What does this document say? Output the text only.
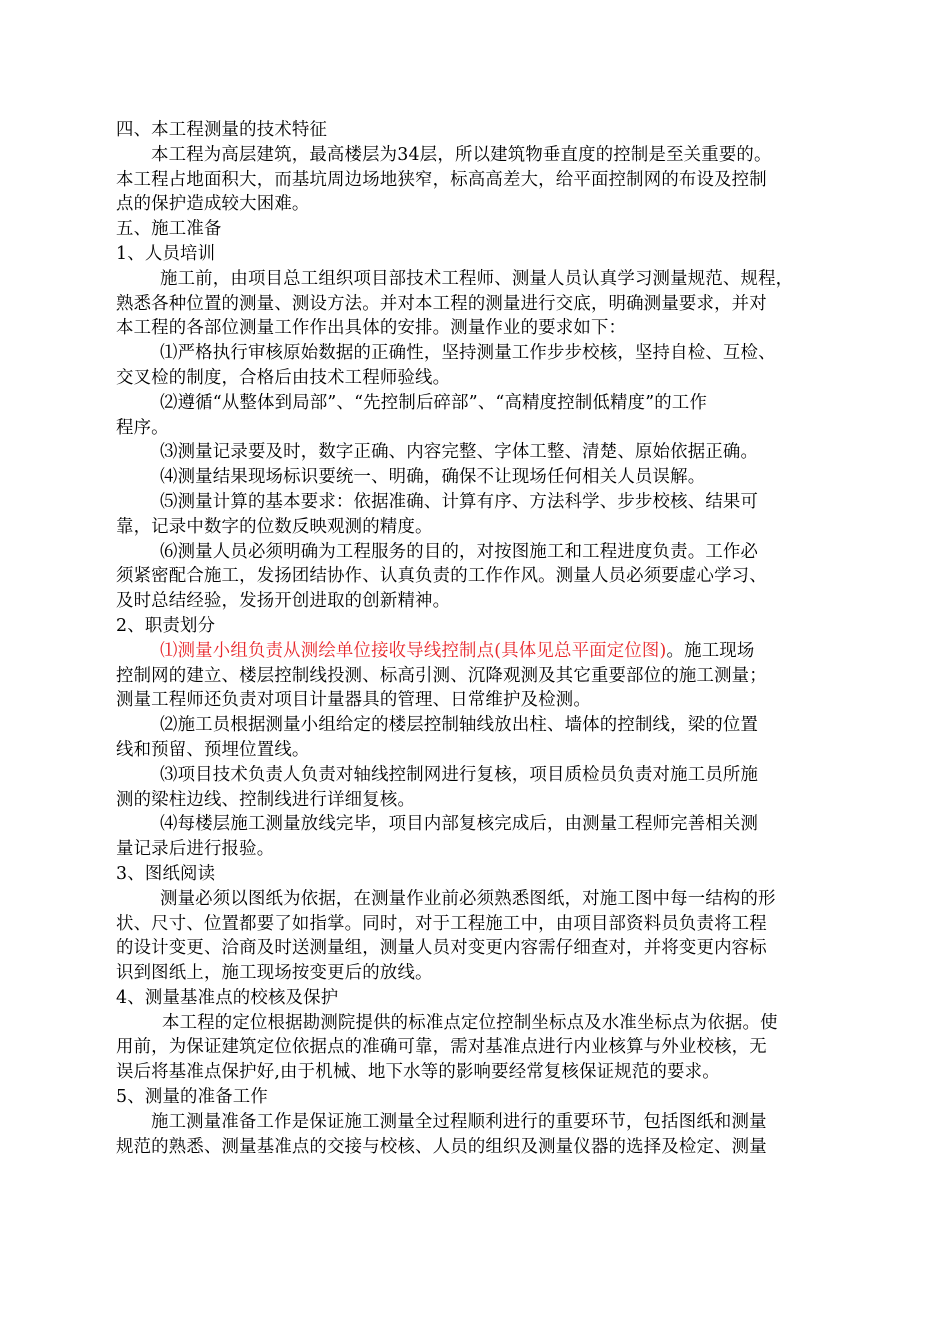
四、本工程测量的技术特征
本工程为高层建筑，最高楼层为34层，所以建筑物垂直度的控制是至关重要的。
本工程占地面积大，而基坑周边场地狭窄，标高高差大，给平面控制网的布设及控制
点的保护造成较大困难。
五、施工准备
1、人员培训
施工前，由项目总工组织项目部技术工程师、测量人员认真学习测量规范、规程，
熟悉各种位置的测量、测设方法。并对本工程的测量进行交底，明确测量要求，并对
本工程的各部位测量工作作出具体的安排。测量作业的要求如下：
⑴严格执行审核原始数据的正确性，坚持测量工作步步校核，坚持自检、互检、
交叉检的制度，合格后由技术工程师验线。
⑵遵循“从整体到局部”、“先控制后碎部”、“高精度控制低精度”的工作
程序。
⑶测量记录要及时，数字正确、内容完整、字体工整、清楚、原始依据正确。
⑷测量结果现场标识要统一、明确，确保不让现场任何相关人员误解。
⑸测量计算的基本要求：依据准确、计算有序、方法科学、步步校核、结果可
靠，记录中数字的位数反映观测的精度。
⑹测量人员必须明确为工程服务的目的，对按图施工和工程进度负责。工作必
须紧密配合施工，发扬团结协作、认真负责的工作作风。测量人员必须要虚心学习、
及时总结经验，发扬开创进取的创新精神。
2、职责划分
⑴测量小组负责从测绘单位接收导线控制点(具体见总平面定位图)。施工现场
控制网的建立、楼层控制线投测、标高引测、沉降观测及其它重要部位的施工测量；
测量工程师还负责对项目计量器具的管理、日常维护及检测。
⑵施工员根据测量小组给定的楼层控制轴线放出柱、墙体的控制线，梁的位置
线和预留、预埋位置线。
⑶项目技术负责人负责对轴线控制网进行复核，项目质检员负责对施工员所施
测的梁柱边线、控制线进行详细复核。
⑷每楼层施工测量放线完毕，项目内部复核完成后，由测量工程师完善相关测
量记录后进行报验。
3、图纸阅读
测量必须以图纸为依据，在测量作业前必须熟悉图纸，对施工图中每一结构的形
状、尺寸、位置都要了如指掌。同时，对于工程施工中，由项目部资料员负责将工程
的设计变更、洽商及时送测量组，测量人员对变更内容需仔细查对，并将变更内容标
识到图纸上，施工现场按变更后的放线。
4、测量基准点的校核及保护
本工程的定位根据勘测院提供的标准点定位控制坐标点及水准坐标点为依据。使
用前，为保证建筑定位依据点的准确可靠，需对基准点进行内业核算与外业校核，无
误后将基准点保护好,由于机械、地下水等的影响要经常复核保证规范的要求。
5、测量的准备工作
施工测量准备工作是保证施工测量全过程顺利进行的重要环节，包括图纸和测量
规范的熟悉、测量基准点的交接与校核、人员的组织及测量仪器的选择及检定、测量
